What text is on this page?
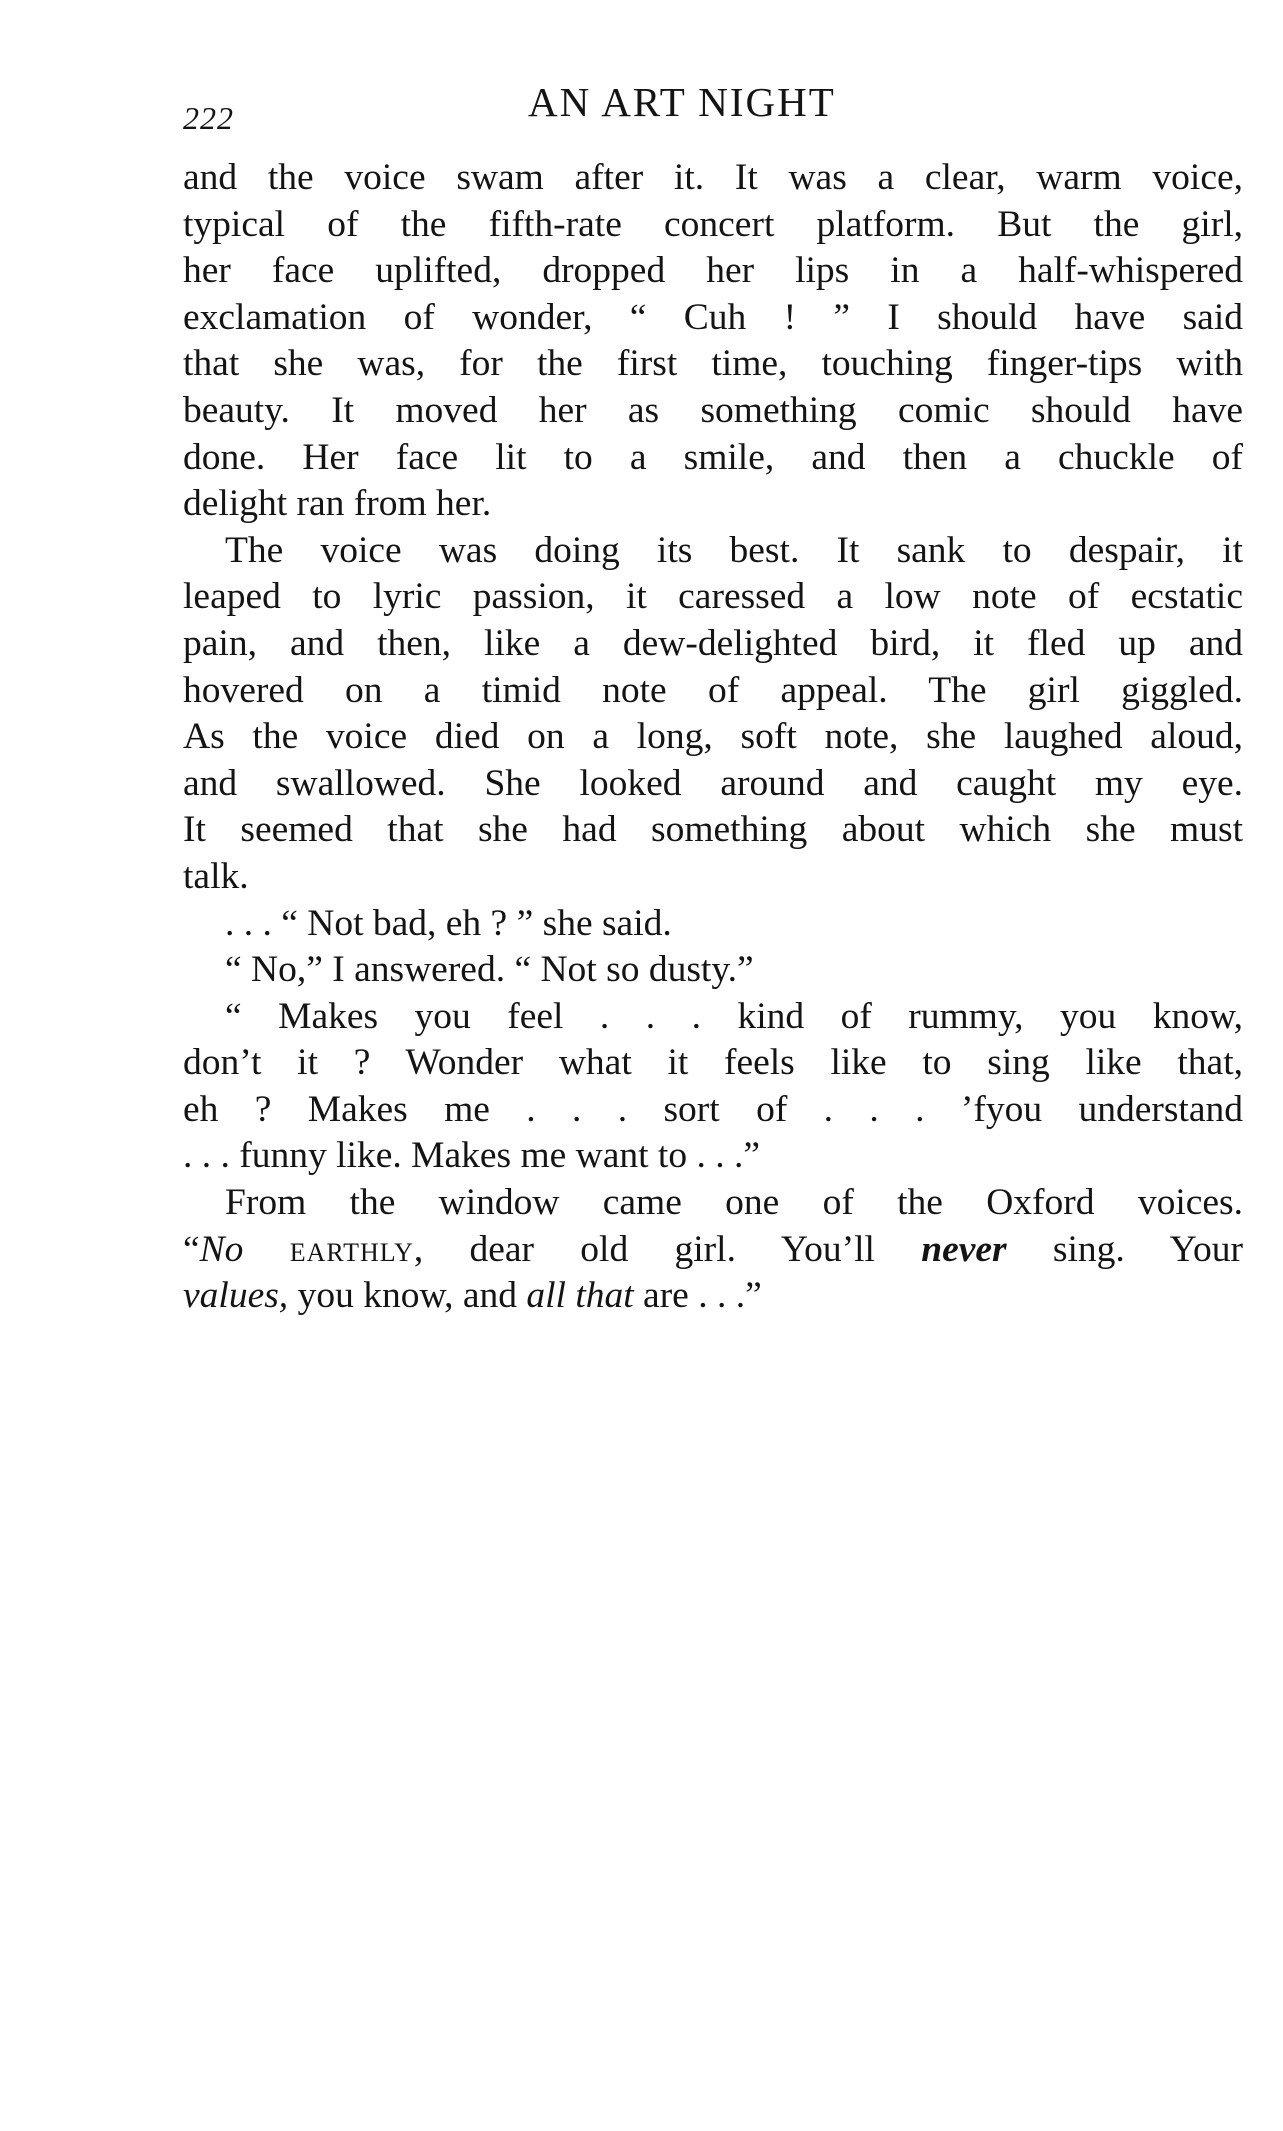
222	AN ART NIGHT
and the voice swam after it. It was a clear, warm voice,
typical of the fifth-rate concert platform. But the girl,
her face uplifted, dropped her lips in a half-whispered
exclamation of wonder, “ Cuh ! ” I should have said
that she was, for the first time, touching finger-tips with
beauty. It moved her as something comic should have
done. Her face lit to a smile, and then a chuckle of
delight ran from her.
The voice was doing its best. It sank to despair, it
leaped to lyric passion, it caressed a low note of ecstatic
pain, and then, like a dew-delighted bird, it fled up and
hovered on a timid note of appeal. The girl giggled.
As the voice died on a long, soft note, she laughed aloud,
and swallowed. She looked around and caught my eye.
It seemed that she had something about which she must
talk.
. . . “ Not bad, eh ? ” she said.
“ No,” I answered. “ Not so dusty.”
“ Makes you feel . . . kind of rummy, you know,
don’t it ? Wonder what it feels like to sing like that,
eh ? Makes me . . . sort of . . . ’fyou understand
. . . funny like. Makes me want to . . .”
From the window came one of the Oxford voices.
“No earthly, dear old girl. You’ll never sing. Your
values, you know, and all that are . . .”
